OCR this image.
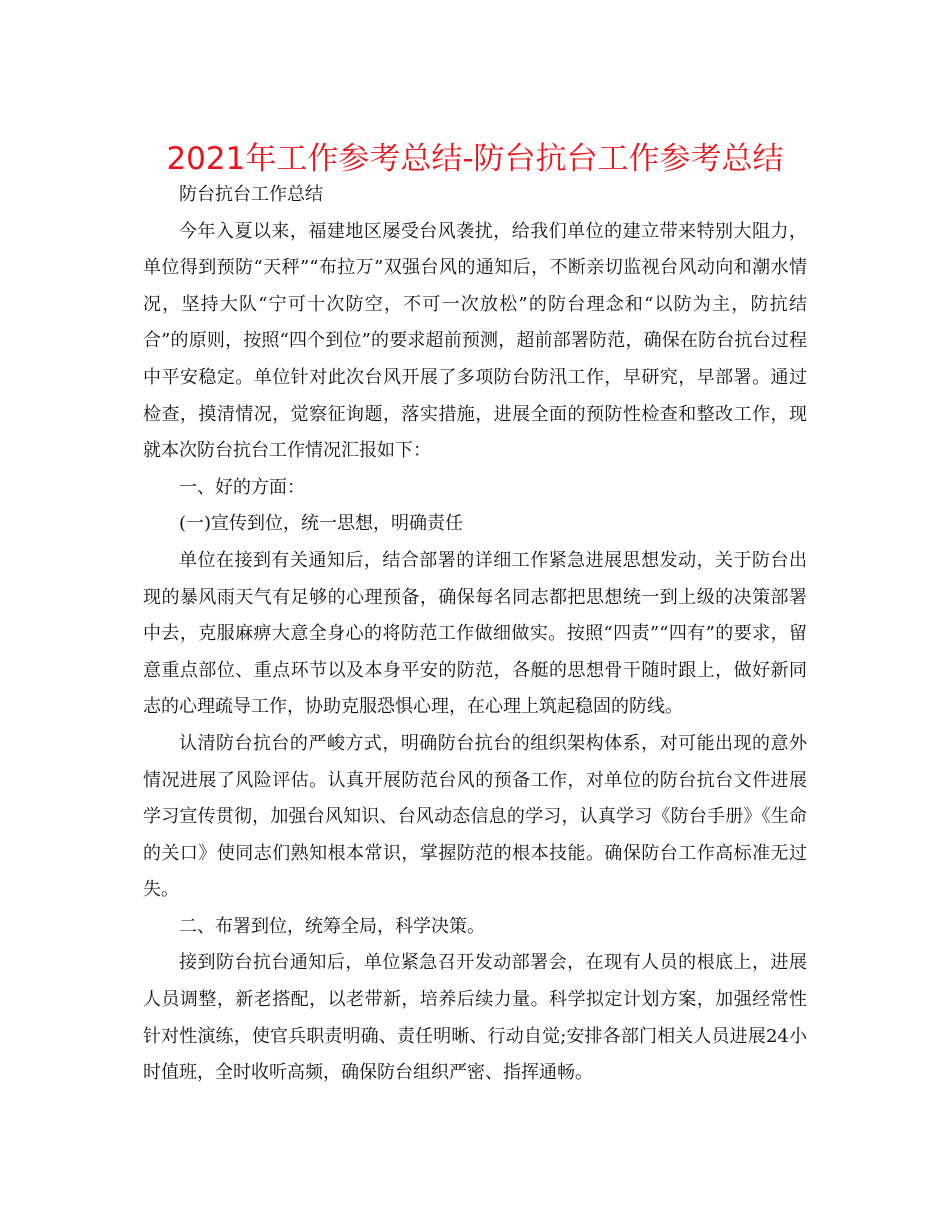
2021年工作参考总结-防台抗台工作参考总结

防台抗台工作总结

今年入夏以来，福建地区屡受台风袭扰，给我们单位的建立带来特别大阻力，单位得到预防“天秤”“布拉万”双强台风的通知后，不断亲切监视台风动向和潮水情况，坚持大队“宁可十次防空，不可一次放松”的防台理念和“以防为主，防抗结合”的原则，按照“四个到位”的要求超前预测，超前部署防范，确保在防台抗台过程中平安稳定。单位针对此次台风开展了多项防台防汛工作，早研究，早部署。通过检查，摸清情况，觉察征询题，落实措施，进展全面的预防性检查和整改工作，现就本次防台抗台工作情况汇报如下：

一、好的方面：

(一)宣传到位，统一思想，明确责任

单位在接到有关通知后，结合部署的详细工作紧急进展思想发动，关于防台出现的暴风雨天气有足够的心理预备，确保每名同志都把思想统一到上级的决策部署中去，克服麻痹大意全身心的将防范工作做细做实。按照“四责”“四有”的要求，留意重点部位、重点环节以及本身平安的防范，各艇的思想骨干随时跟上，做好新同志的心理疏导工作，协助克服恐惧心理，在心理上筑起稳固的防线。

认清防台抗台的严峻方式，明确防台抗台的组织架构体系，对可能出现的意外情况进展了风险评估。认真开展防范台风的预备工作，对单位的防台抗台文件进展学习宣传贯彻，加强台风知识、台风动态信息的学习，认真学习《防台手册》《生命的关口》使同志们熟知根本常识，掌握防范的根本技能。确保防台工作高标准无过失。

二、布署到位，统筹全局，科学决策。

接到防台抗台通知后，单位紧急召开发动部署会，在现有人员的根底上，进展人员调整，新老搭配，以老带新，培养后续力量。科学拟定计划方案，加强经常性针对性演练，使官兵职责明确、责任明晰、行动自觉;安排各部门相关人员进展24小时值班，全时收听高频，确保防台组织严密、指挥通畅。
